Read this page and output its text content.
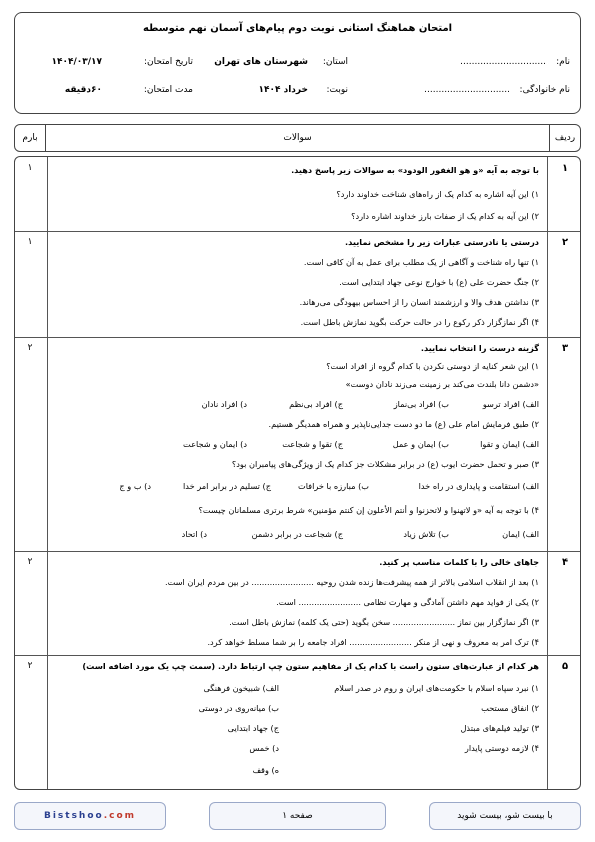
امتحان هماهنگ استانی نوبت دوم پیام‌های آسمان نهم متوسطه
نام:
..............................
استان:
شهرستان های تهران
تاریخ امتحان:
۱۴۰۴/۰۳/۱۷
نام خانوادگی:
..............................
نوبت:
خرداد ۱۴۰۴
مدت امتحان:
۶۰دقیقه
ردیف
سوالات
بارم
۱
با توجه به آیه «و هو الغفور الودود» به سوالات زیر پاسخ دهید.
۱) این آیه اشاره به کدام یک از راه‌های شناخت خداوند دارد؟
۲) این آیه به کدام یک از صفات بارز خداوند اشاره دارد؟
۱
۲
درستی یا نادرستی عبارات زیر را مشخص نمایید.
۱) تنها راه شناخت و آگاهی از یک مطلب برای عمل به آن کافی است.
۲) جنگ حضرت علی (ع) با خوارج نوعی جهاد ابتدایی است.
۳) نداشتن هدف والا و ارزشمند انسان را از احساس بیهودگی می‌رهاند.
۴) اگر نمازگزار ذکر رکوع را در حالت حرکت بگوید نمازش باطل است.
۱
۳
گزینه درست را انتخاب نمایید.
۱) این شعر کنایه از دوستی نکردن با کدام گروه از افراد است؟
«دشمن دانا بلندت می‌کند بر زمینت می‌زند نادان دوست»
الف) افراد ترسو
ب) افراد بی‌نماز
ج) افراد بی‌نظم
د) افراد نادان
۲) طبق فرمایش امام علی (ع) ما دو دست جدایی‌ناپذیر و همراه همدیگر هستیم.
الف) ایمان و تقوا
ب) ایمان و عمل
ج) تقوا و شجاعت
د) ایمان و شجاعت
۳) صبر و تحمل حضرت ایوب (ع) در برابر مشکلات جز کدام یک از ویژگی‌های پیامبران بود؟
الف) استقامت و پایداری در راه خدا
ب) مبارزه با خرافات
ج) تسلیم در برابر امر خدا
د) ب و ج
۴) با توجه به آیه «و لاتهنوا و لاتحزنوا و أنتم الأعلون إن کنتم مؤمنین» شرط برتری مسلمانان چیست؟
الف) ایمان
ب) تلاش زیاد
ج) شجاعت در برابر دشمن
د) اتحاد
۲
۴
جاهای خالی را با کلمات مناسب پر کنید.
۱) بعد از انقلاب اسلامی بالاتر از همه پیشرفت‌ها زنده شدن روحیه ........................ در بین مردم ایران است.
۲) یکی از فواید مهم داشتن آمادگی و مهارت نظامی ........................ است.
۳) اگر نمازگزار بین نماز ........................ سخن بگوید (حتی یک کلمه) نمازش باطل است.
۴) ترک امر به معروف و نهی از منکر ........................ افراد جامعه را بر شما مسلط خواهد کرد.
۲
۵
هر کدام از عبارت‌های ستون راست با کدام یک از مفاهیم ستون چپ ارتباط دارد. (سمت چپ یک مورد اضافه است)
۱) نبرد سپاه اسلام با حکومت‌های ایران و روم در صدر اسلام
الف) شبیخون فرهنگی
۲) انفاق مستحب
ب) میانه‌روی در دوستی
۳) تولید فیلم‌های مبتذل
ج) جهاد ابتدایی
۴) لازمه دوستی پایدار
د) خمس
ه) وقف
۲
Bistshoo.com	صفحه ۱	با بیست شو، بیست شوید
